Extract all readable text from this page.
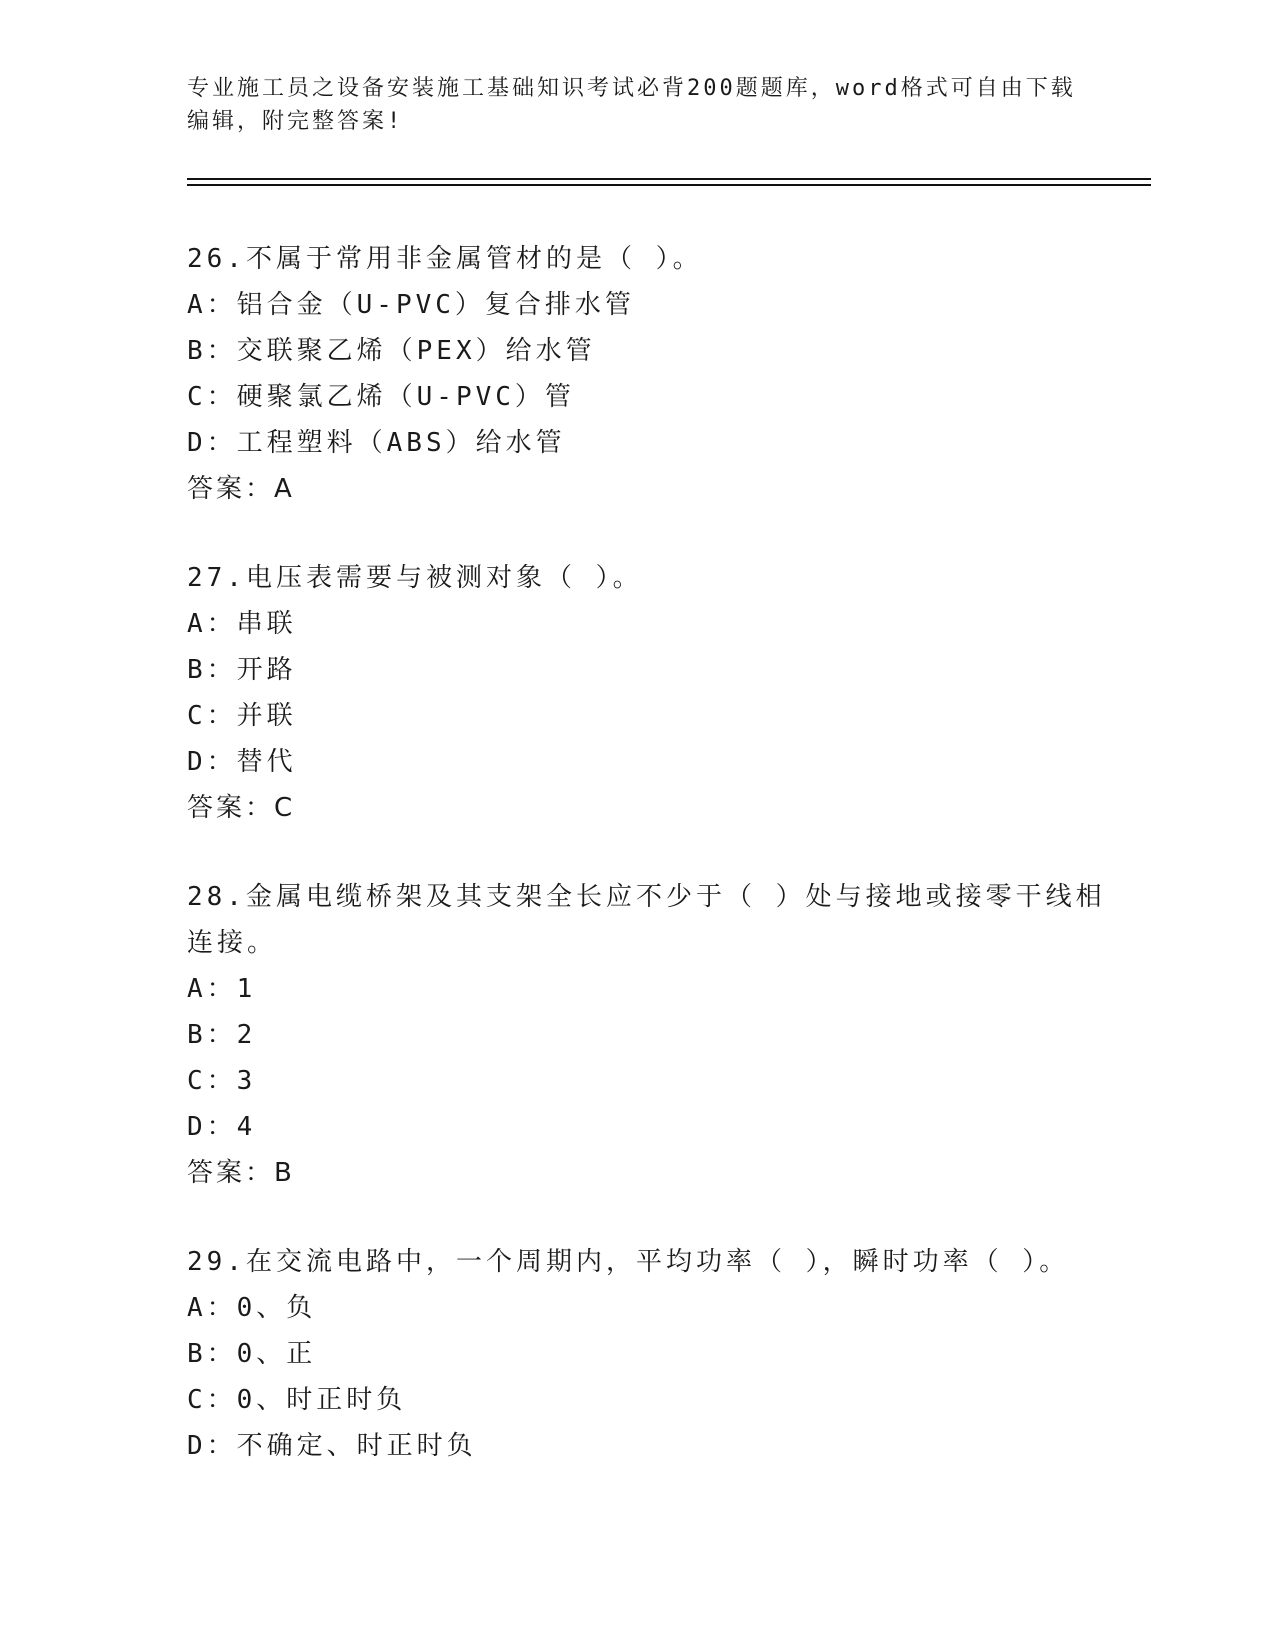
专业施工员之设备安装施工基础知识考试必背200题题库，word格式可自由下载
编辑，附完整答案!
26.不属于常用非金属管材的是（ ）。
A：铝合金（U-PVC）复合排水管
B：交联聚乙烯（PEX）给水管
C：硬聚氯乙烯（U-PVC）管
D：工程塑料（ABS）给水管
答案：A
27.电压表需要与被测对象（ ）。
A：串联
B：开路
C：并联
D：替代
答案：C
28.金属电缆桥架及其支架全长应不少于（ ）处与接地或接零干线相
连接。
A：1
B：2
C：3
D：4
答案：B
29.在交流电路中，一个周期内，平均功率（ ），瞬时功率（ ）。
A：0、负
B：0、正
C：0、时正时负
D：不确定、时正时负
